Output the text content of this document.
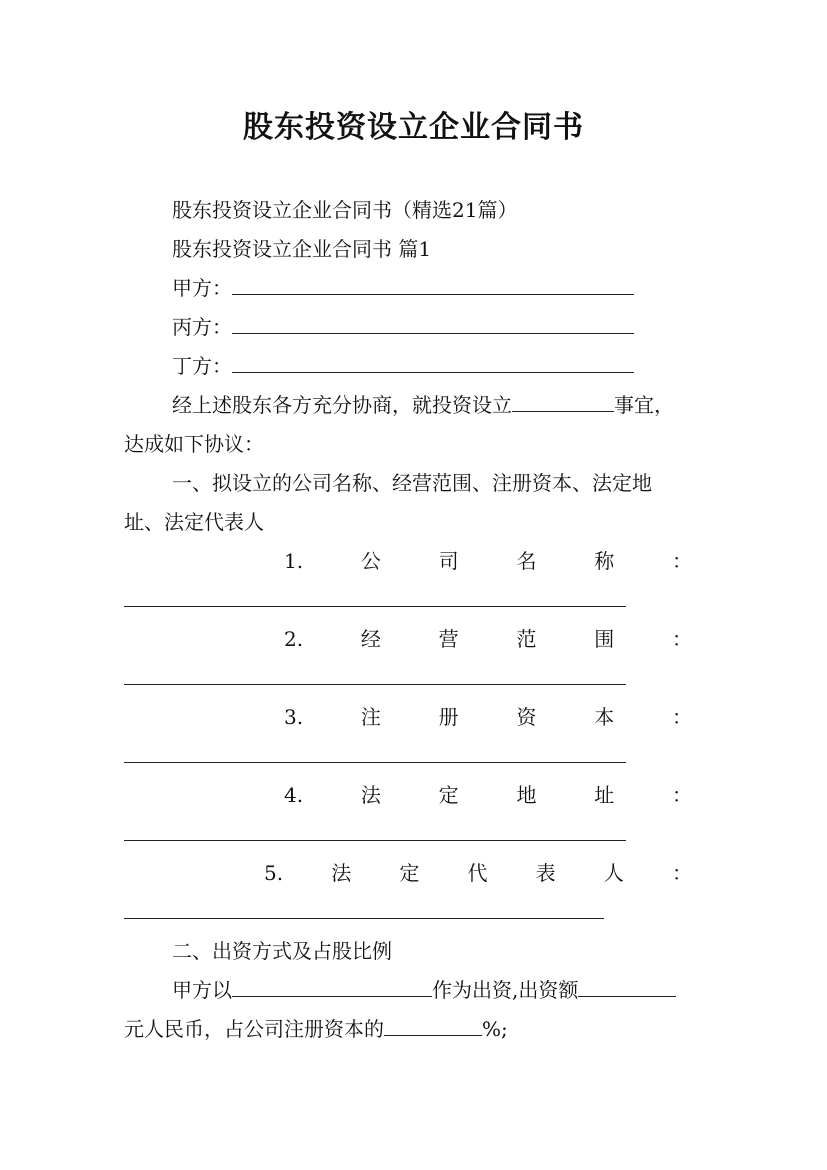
股东投资设立企业合同书
股东投资设立企业合同书（精选21篇）
股东投资设立企业合同书 篇1
甲方：
丙方：
丁方：
经上述股东各方充分协商，就投资设立	事宜，
达成如下协议：
一、拟设立的公司名称、经营范围、注册资本、法定地
址、法定代表人
1.	公	司	名	称	：
2.	经	营	范	围	：
3.	注	册	资	本	：
4.	法	定	地	址	：
5. 法 定 代 表 人 ：
二、出资方式及占股比例
甲方以	作为出资,出资额
元人民币，占公司注册资本的	%;
